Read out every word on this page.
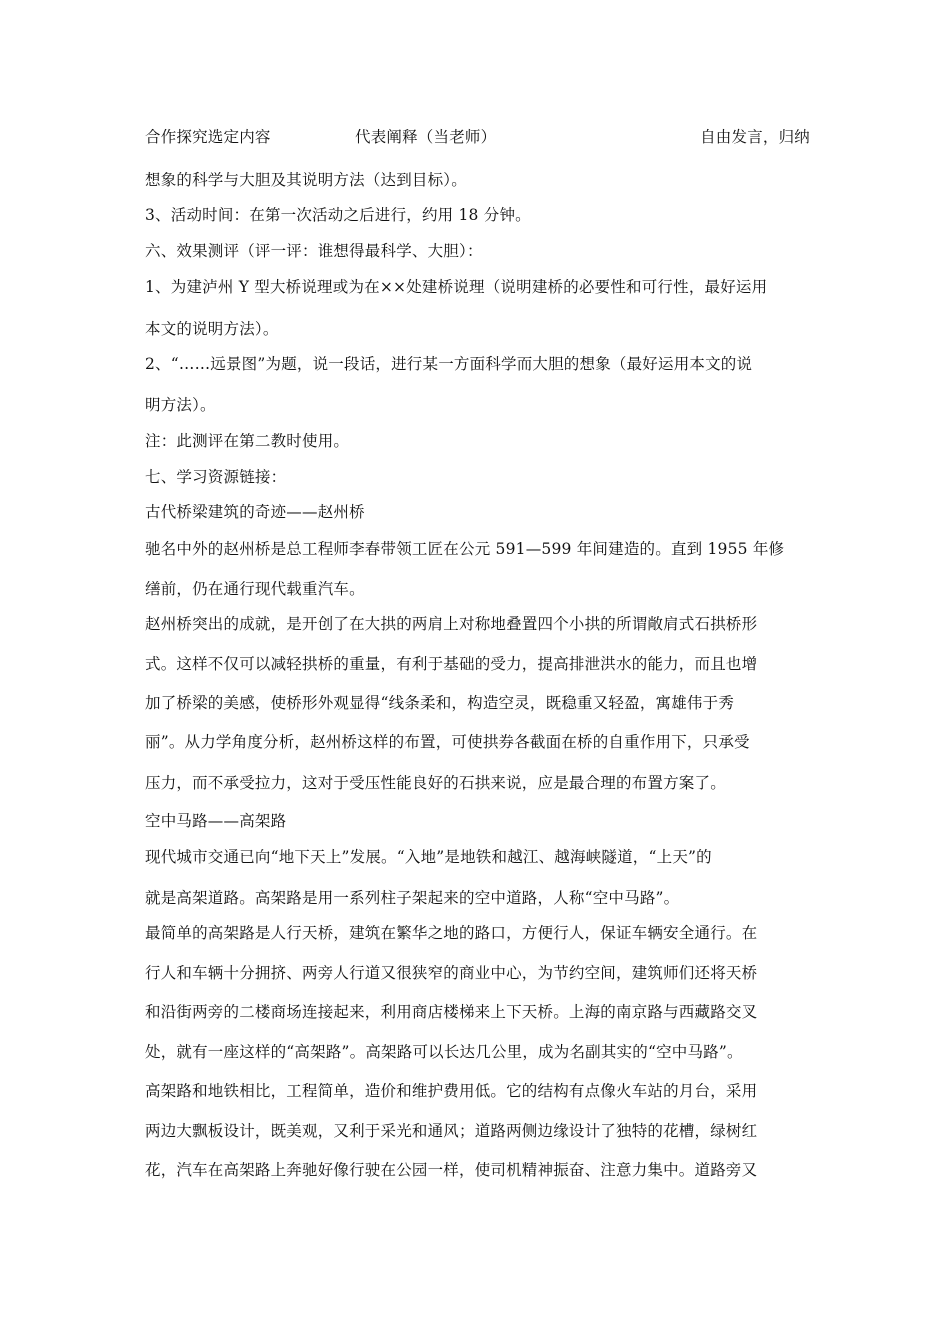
合作探究选定内容	代表阐释（当老师）	自由发言，归纳
想象的科学与大胆及其说明方法（达到目标）。
3、活动时间：在第一次活动之后进行，约用 18 分钟。
六、效果测评（评一评：谁想得最科学、大胆）：
1、为建泸州 Y 型大桥说理或为在××处建桥说理（说明建桥的必要性和可行性，最好运用
本文的说明方法）。
2、“……远景图”为题，说一段话，进行某一方面科学而大胆的想象（最好运用本文的说
明方法）。
注：此测评在第二教时使用。
七、学习资源链接：
古代桥梁建筑的奇迹——赵州桥
驰名中外的赵州桥是总工程师李春带领工匠在公元 591—599 年间建造的。直到 1955 年修
缮前，仍在通行现代载重汽车。
赵州桥突出的成就，是开创了在大拱的两肩上对称地叠置四个小拱的所谓敞肩式石拱桥形
式。这样不仅可以减轻拱桥的重量，有利于基础的受力，提高排泄洪水的能力，而且也增
加了桥梁的美感，使桥形外观显得“线条柔和，构造空灵，既稳重又轻盈，寓雄伟于秀
丽”。从力学角度分析，赵州桥这样的布置，可使拱券各截面在桥的自重作用下，只承受
压力，而不承受拉力，这对于受压性能良好的石拱来说，应是最合理的布置方案了。
空中马路——高架路
现代城市交通已向“地下天上”发展。“入地”是地铁和越江、越海峡隧道，“上天”的
就是高架道路。高架路是用一系列柱子架起来的空中道路，人称“空中马路”。
最简单的高架路是人行天桥，建筑在繁华之地的路口，方便行人，保证车辆安全通行。在
行人和车辆十分拥挤、两旁人行道又很狭窄的商业中心，为节约空间，建筑师们还将天桥
和沿街两旁的二楼商场连接起来，利用商店楼梯来上下天桥。上海的南京路与西藏路交叉
处，就有一座这样的“高架路”。高架路可以长达几公里，成为名副其实的“空中马路”。
高架路和地铁相比，工程简单，造价和维护费用低。它的结构有点像火车站的月台，采用
两边大飘板设计，既美观，又利于采光和通风；道路两侧边缘设计了独特的花槽，绿树红
花，汽车在高架路上奔驰好像行驶在公园一样，使司机精神振奋、注意力集中。道路旁又
